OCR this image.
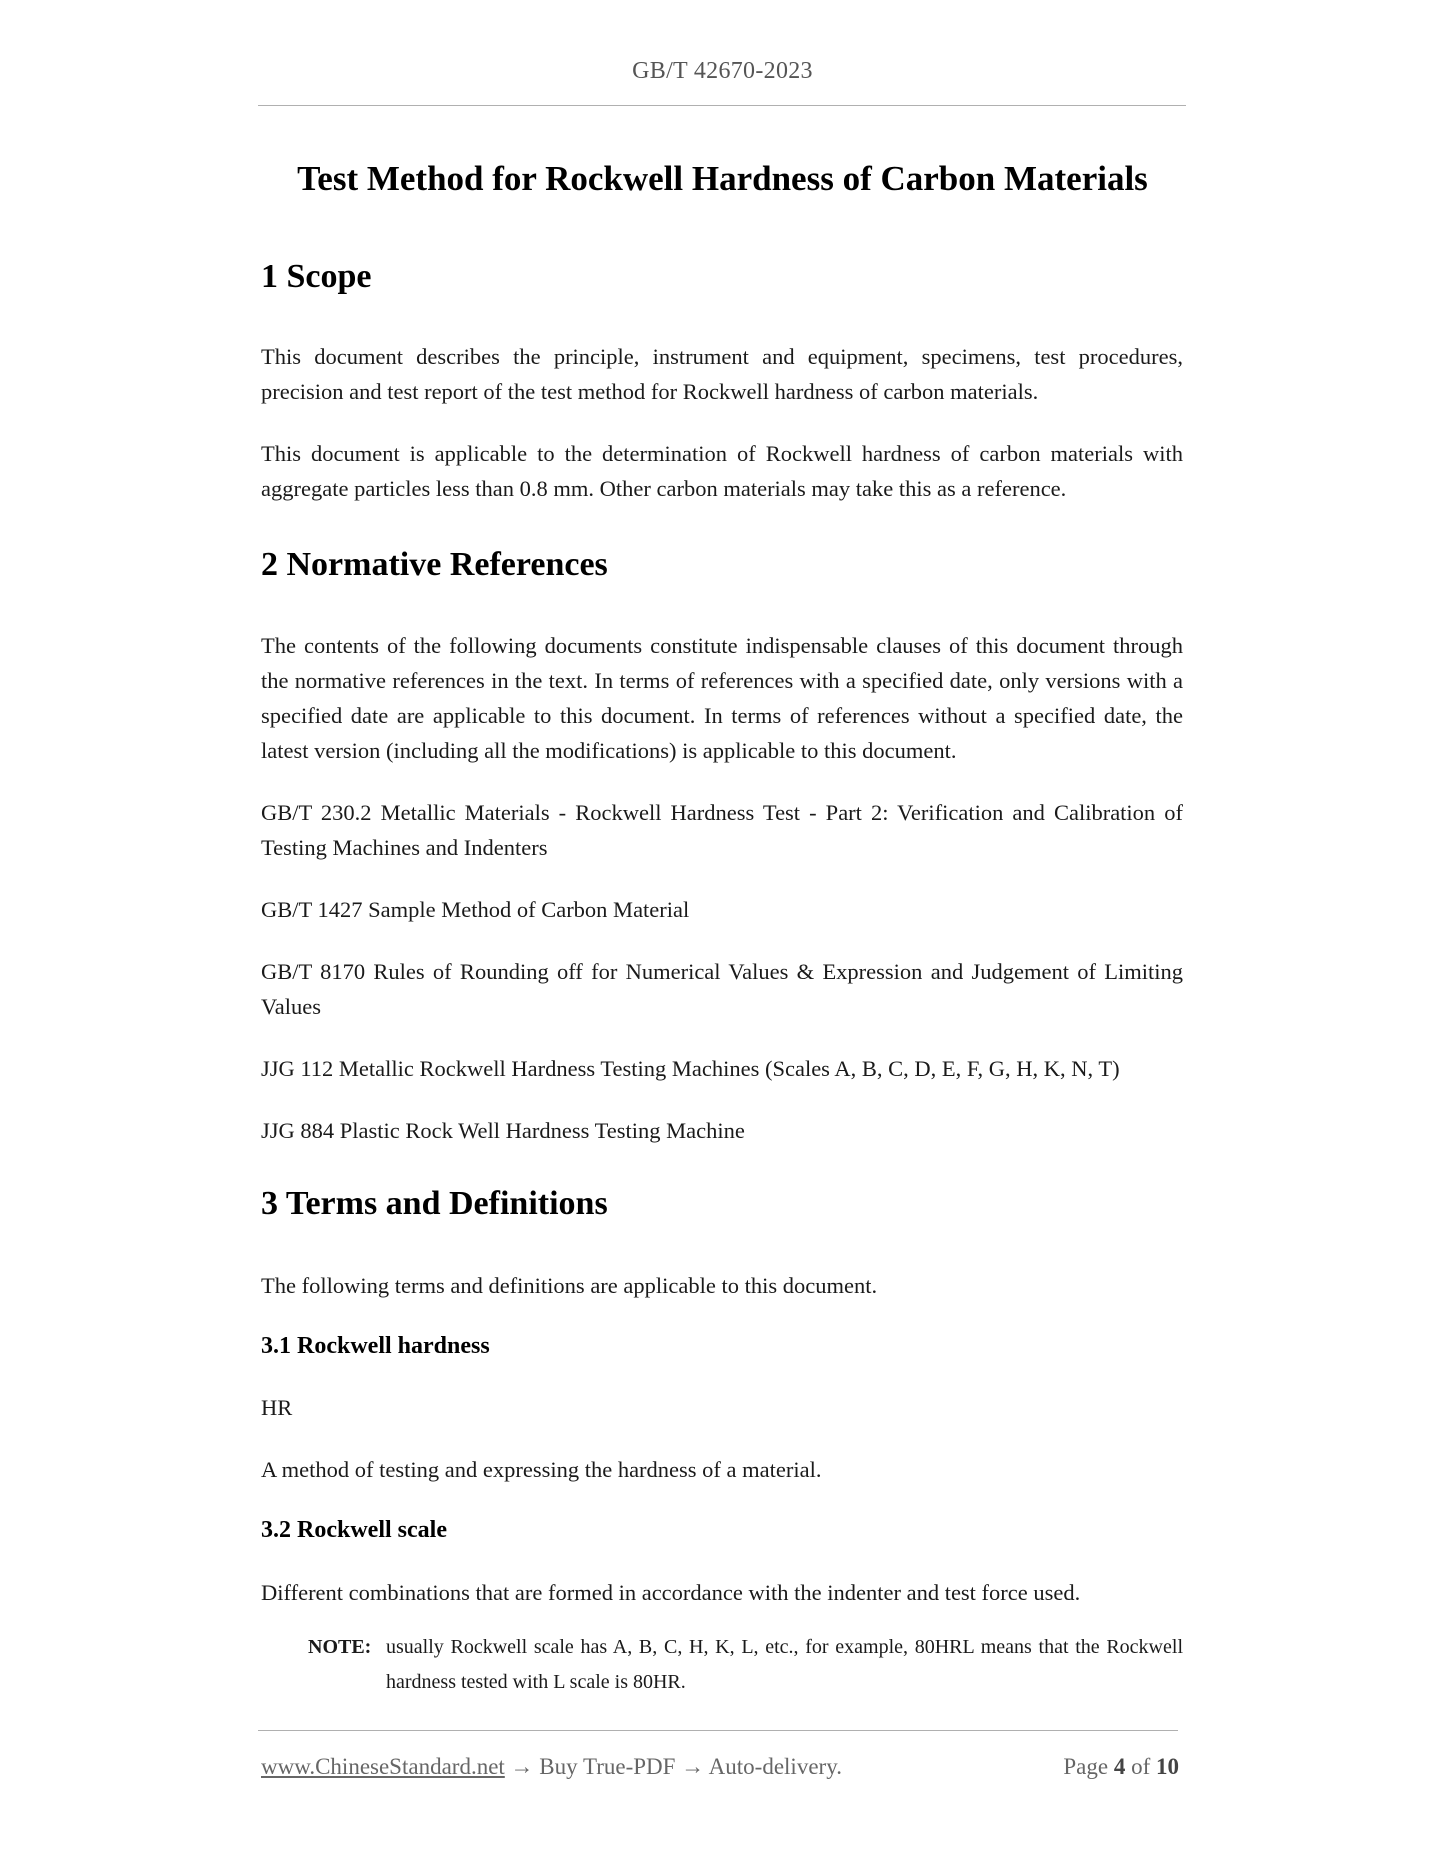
GB/T 42670-2023
Test Method for Rockwell Hardness of Carbon Materials
1 Scope

This document describes the principle, instrument and equipment, specimens, test procedures, precision and test report of the test method for Rockwell hardness of carbon materials.

This document is applicable to the determination of Rockwell hardness of carbon materials with aggregate particles less than 0.8 mm. Other carbon materials may take this as a reference.

2 Normative References

The contents of the following documents constitute indispensable clauses of this document through the normative references in the text. In terms of references with a specified date, only versions with a specified date are applicable to this document. In terms of references without a specified date, the latest version (including all the modifications) is applicable to this document.

GB/T 230.2 Metallic Materials - Rockwell Hardness Test - Part 2: Verification and Calibration of Testing Machines and Indenters

GB/T 1427 Sample Method of Carbon Material

GB/T 8170 Rules of Rounding off for Numerical Values & Expression and Judgement of Limiting Values

JJG 112 Metallic Rockwell Hardness Testing Machines (Scales A, B, C, D, E, F, G, H, K, N, T)

JJG 884 Plastic Rock Well Hardness Testing Machine

3 Terms and Definitions

The following terms and definitions are applicable to this document.

3.1 Rockwell hardness

HR

A method of testing and expressing the hardness of a material.

3.2 Rockwell scale

Different combinations that are formed in accordance with the indenter and test force used.

NOTE: usually Rockwell scale has A, B, C, H, K, L, etc., for example, 80HRL means that the Rockwell hardness tested with L scale is 80HR.
www.ChineseStandard.net → Buy True-PDF → Auto-delivery.	Page 4 of 10
